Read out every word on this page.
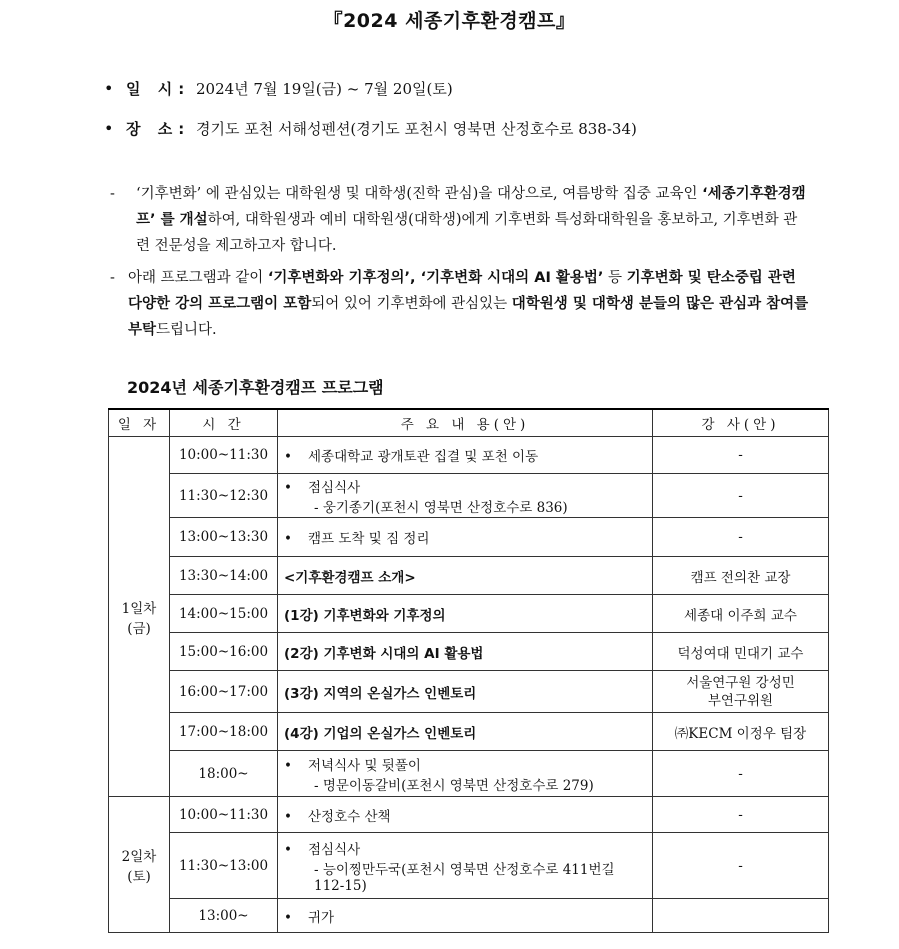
『2024 세종기후환경캠프』
• 일 시: 2024년 7월 19일(금) ~ 7월 20일(토)
• 장 소: 경기도 포천 서해성펜션(경기도 포천시 영북면 산정호수로 838-34)
- ‘기후변화’ 에 관심있는 대학원생 및 대학생(진학 관심)을 대상으로, 여름방학 집중 교육인 ‘세종기후환경캠프’ 를 개설하여, 대학원생과 예비 대학원생(대학생)에게 기후변화 특성화대학원을 홍보하고, 기후변화 관련 전문성을 제고하고자 합니다.
- 아래 프로그램과 같이 ‘기후변화와 기후정의’, ‘기후변화 시대의 AI 활용법’ 등 기후변화 및 탄소중립 관련 다양한 강의 프로그램이 포함되어 있어 기후변화에 관심있는 대학원생 및 대학생 분들의 많은 관심과 참여를 부탁드립니다.
2024년 세종기후환경캠프 프로그램
일 자	시 간	주 요 내 용(안)	강 사(안)
1일차
(금)	10:00~11:30	• 세종대학교 광개토관 집결 및 포천 이동	-
	11:30~12:30	• 점심식사
- 웅기종기(포천시 영북면 산정호수로 836)	-
	13:00~13:30	• 캠프 도착 및 짐 정리	-
	13:30~14:00	<기후환경캠프 소개>	캠프 전의찬 교장
	14:00~15:00	(1강) 기후변화와 기후정의	세종대 이주희 교수
	15:00~16:00	(2강) 기후변화 시대의 AI 활용법	덕성여대 민대기 교수
	16:00~17:00	(3강) 지역의 온실가스 인벤토리	서울연구원 강성민
부연구위원
	17:00~18:00	(4강) 기업의 온실가스 인벤토리	㈜KECM 이정우 팀장
	18:00~	• 저녁식사 및 뒷풀이
- 명문이동갈비(포천시 영북면 산정호수로 279)	-
2일차
(토)	10:00~11:30	• 산정호수 산책	-
	11:30~13:00	• 점심식사
- 능이찡만두국(포천시 영북면 산정호수로 411번길 112-15)	-
	13:00~	• 귀가	
